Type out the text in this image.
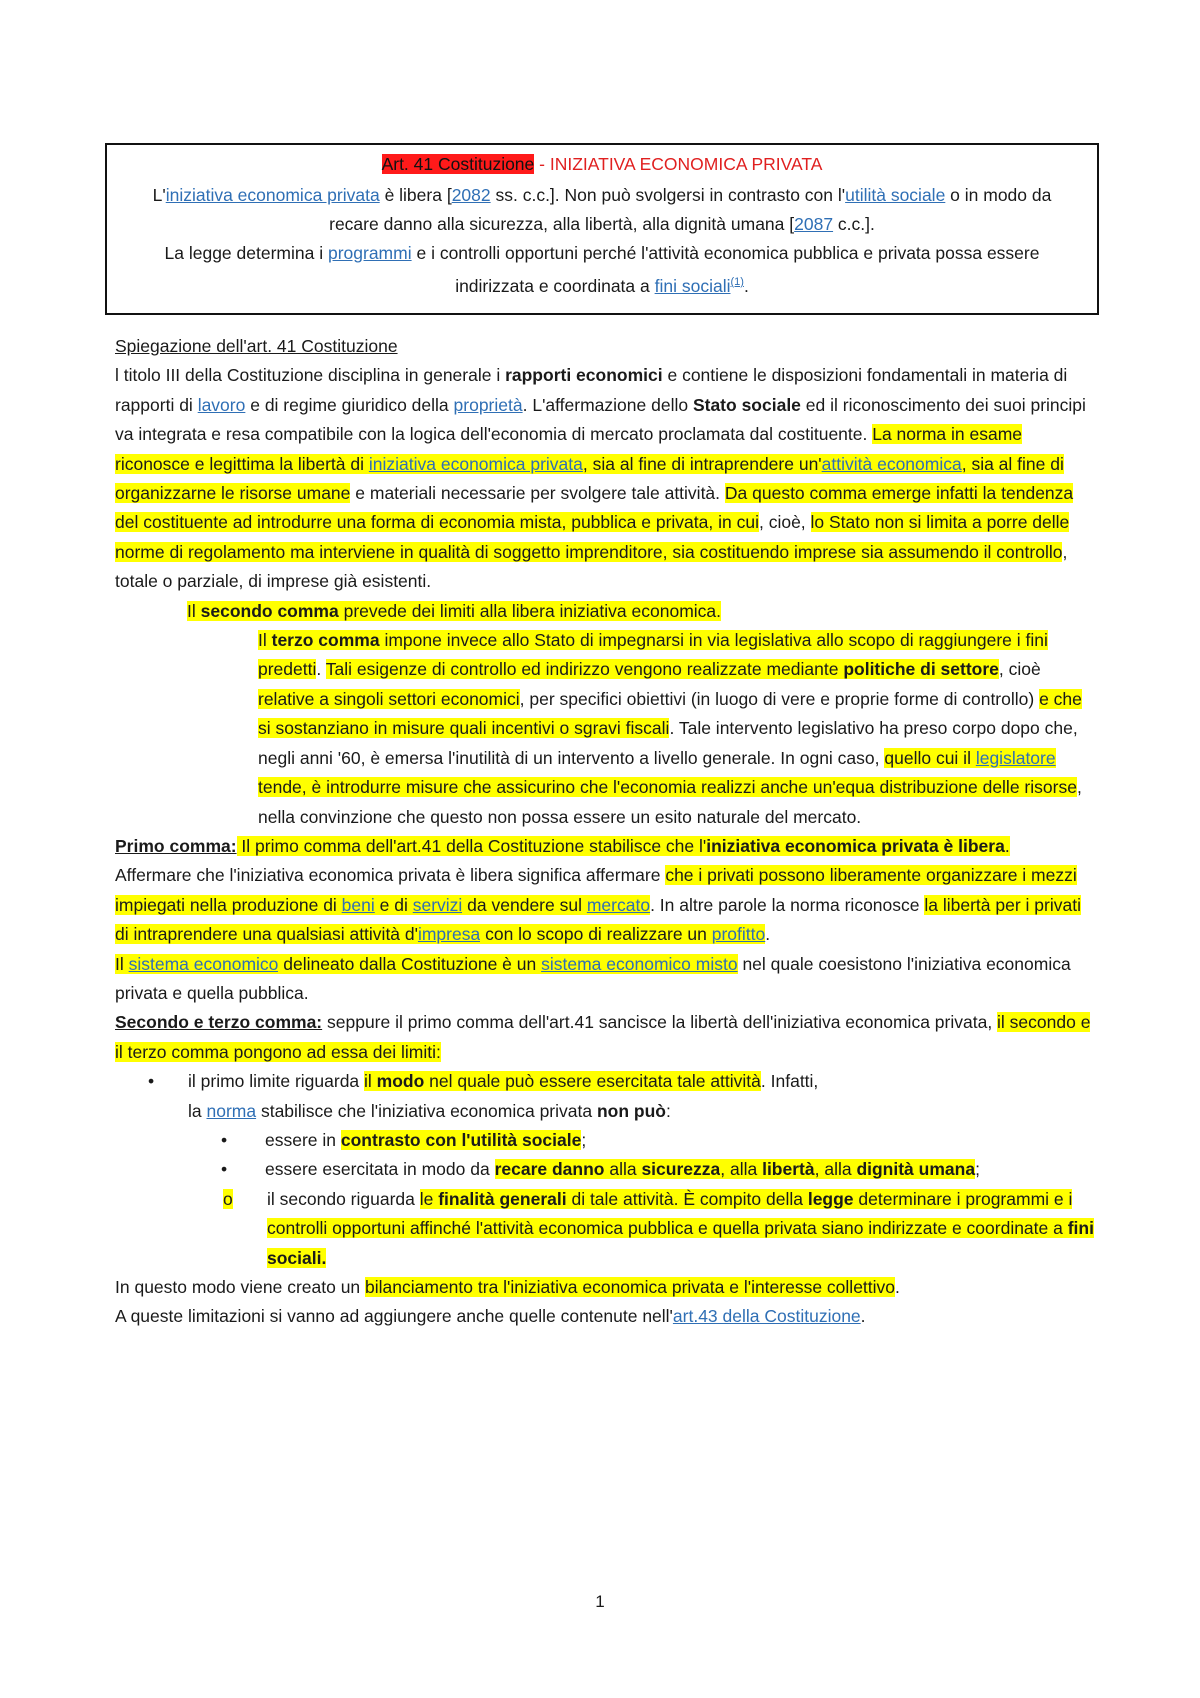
Art. 41 Costituzione - INIZIATIVA ECONOMICA PRIVATA
L'iniziativa economica privata è libera [2082 ss. c.c.]. Non può svolgersi in contrasto con l'utilità sociale o in modo da recare danno alla sicurezza, alla libertà, alla dignità umana [2087 c.c.].
La legge determina i programmi e i controlli opportuni perché l'attività economica pubblica e privata possa essere indirizzata e coordinata a fini sociali$^{(1)}$.

Spiegazione dell'art. 41 Costituzione

l titolo III della Costituzione disciplina in generale i rapporti economici e contiene le disposizioni fondamentali in materia di rapporti di lavoro e di regime giuridico della proprietà. L'affermazione dello Stato sociale ed il riconoscimento dei suoi principi va integrata e resa compatibile con la logica dell'economia di mercato proclamata dal costituente. La norma in esame riconosce e legittima la libertà di iniziativa economica privata, sia al fine di intraprendere un'attività economica, sia al fine di organizzarne le risorse umane e materiali necessarie per svolgere tale attività. Da questo comma emerge infatti la tendenza del costituente ad introdurre una forma di economia mista, pubblica e privata, in cui, cioè, lo Stato non si limita a porre delle norme di regolamento ma interviene in qualità di soggetto imprenditore, sia costituendo imprese sia assumendo il controllo, totale o parziale, di imprese già esistenti.

Il secondo comma prevede dei limiti alla libera iniziativa economica.

Il terzo comma impone invece allo Stato di impegnarsi in via legislativa allo scopo di raggiungere i fini predetti. Tali esigenze di controllo ed indirizzo vengono realizzate mediante politiche di settore, cioè relative a singoli settori economici, per specifici obiettivi (in luogo di vere e proprie forme di controllo) e che si sostanziano in misure quali incentivi o sgravi fiscali. Tale intervento legislativo ha preso corpo dopo che, negli anni '60, è emersa l'inutilità di un intervento a livello generale. In ogni caso, quello cui il legislatore tende, è introdurre misure che assicurino che l'economia realizzi anche un'equa distribuzione delle risorse, nella convinzione che questo non possa essere un esito naturale del mercato.

Primo comma: Il primo comma dell'art.41 della Costituzione stabilisce che l'iniziativa economica privata è libera.

Affermare che l'iniziativa economica privata è libera significa affermare che i privati possono liberamente organizzare i mezzi impiegati nella produzione di beni e di servizi da vendere sul mercato. In altre parole la norma riconosce la libertà per i privati di intraprendere una qualsiasi attività d'impresa con lo scopo di realizzare un profitto.

Il sistema economico delineato dalla Costituzione è un sistema economico misto nel quale coesistono l'iniziativa economica privata e quella pubblica.

Secondo e terzo comma: seppure il primo comma dell'art.41 sancisce la libertà dell'iniziativa economica privata, il secondo e il terzo comma pongono ad essa dei limiti:

•	il primo limite riguarda il modo nel quale può essere esercitata tale attività. Infatti,
la norma stabilisce che l'iniziativa economica privata non può:
•	essere in contrasto con l'utilità sociale;
•	essere esercitata in modo da recare danno alla sicurezza, alla libertà, alla dignità umana;
o	il secondo riguarda le finalità generali di tale attività. È compito della legge determinare i programmi e i controlli opportuni affinché l'attività economica pubblica e quella privata siano indirizzate e coordinate a fini sociali.

In questo modo viene creato un bilanciamento tra l'iniziativa economica privata e l'interesse collettivo.

A queste limitazioni si vanno ad aggiungere anche quelle contenute nell'art.43 della Costituzione.

1
